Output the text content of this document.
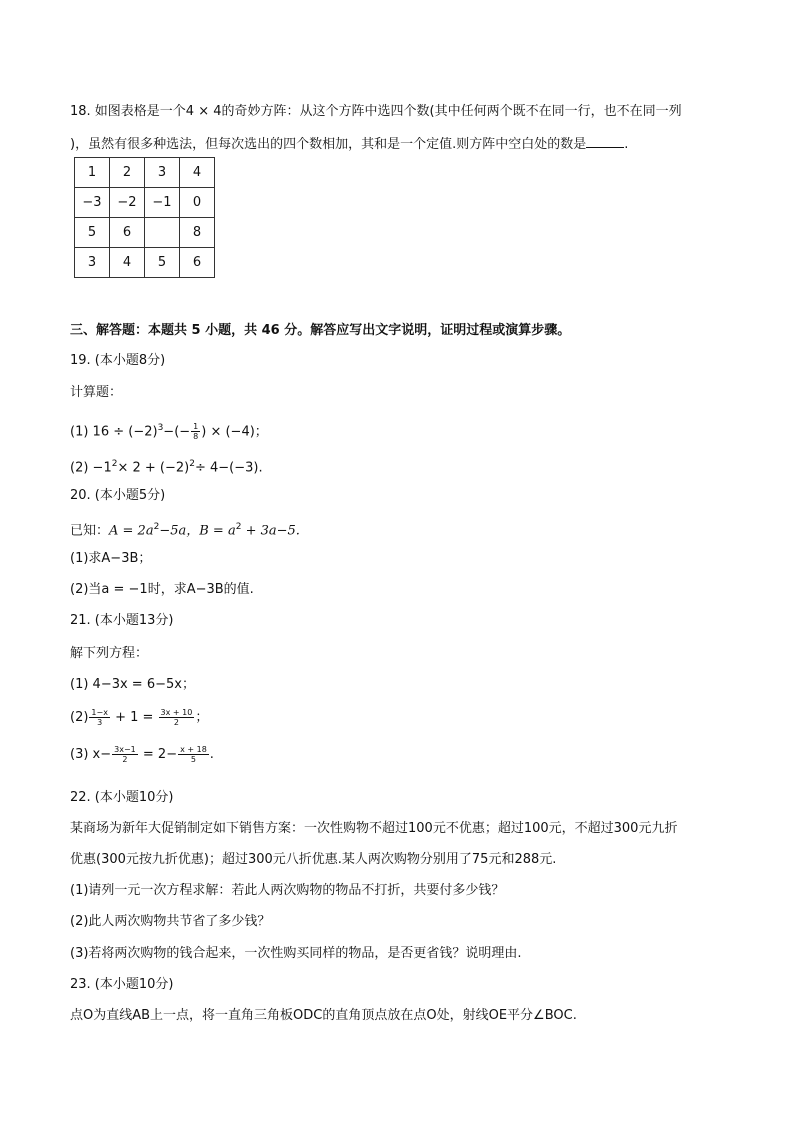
18. 如图表格是一个4 × 4的奇妙方阵：从这个方阵中选四个数(其中任何两个既不在同一行，也不在同一列
)，虽然有很多种选法，但每次选出的四个数相加，其和是一个定值.则方阵中空白处的数是	.
1	2	3	4
−3	−2	−1	0
5	6		8
3	4	5	6
三、解答题：本题共 5 小题，共 46 分。解答应写出文字说明，证明过程或演算步骤。
19. (本小题8分)
计算题：
(1) $16 \div (-2)^3-(- \frac{1}{8}$ ) × (−4)；
$(2) -1^2\times 2 + (-2)^2\div 4-(-3)$.
20. (本小题5分)
已知：$A = 2a^2-5a$，$B = a^2 + 3a-5$.
(1)求A−3B；
(2)当a = −1时，求A−3B的值.
21. (本小题13分)
解下列方程：
(1) 4−3x = 6−5x；
$(2) \frac{1-x}{3} + 1 = \frac{3x + 10}{2}$ ；
(3) $x- \frac{3x-1}{2} = 2- \frac{x + 18}{5}$ .
22. (本小题10分)
某商场为新年大促销制定如下销售方案：一次性购物不超过100元不优惠；超过100元，不超过300元九折
优惠(300元按九折优惠)；超过300元八折优惠.某人两次购物分别用了75元和288元.
(1)请列一元一次方程求解：若此人两次购物的物品不打折，共要付多少钱？
(2)此人两次购物共节省了多少钱？
(3)若将两次购物的钱合起来，一次性购买同样的物品，是否更省钱？说明理由.
23. (本小题10分)
点O为直线AB上一点，将一直角三角板ODC的直角顶点放在点O处，射线OE平分∠BOC.
